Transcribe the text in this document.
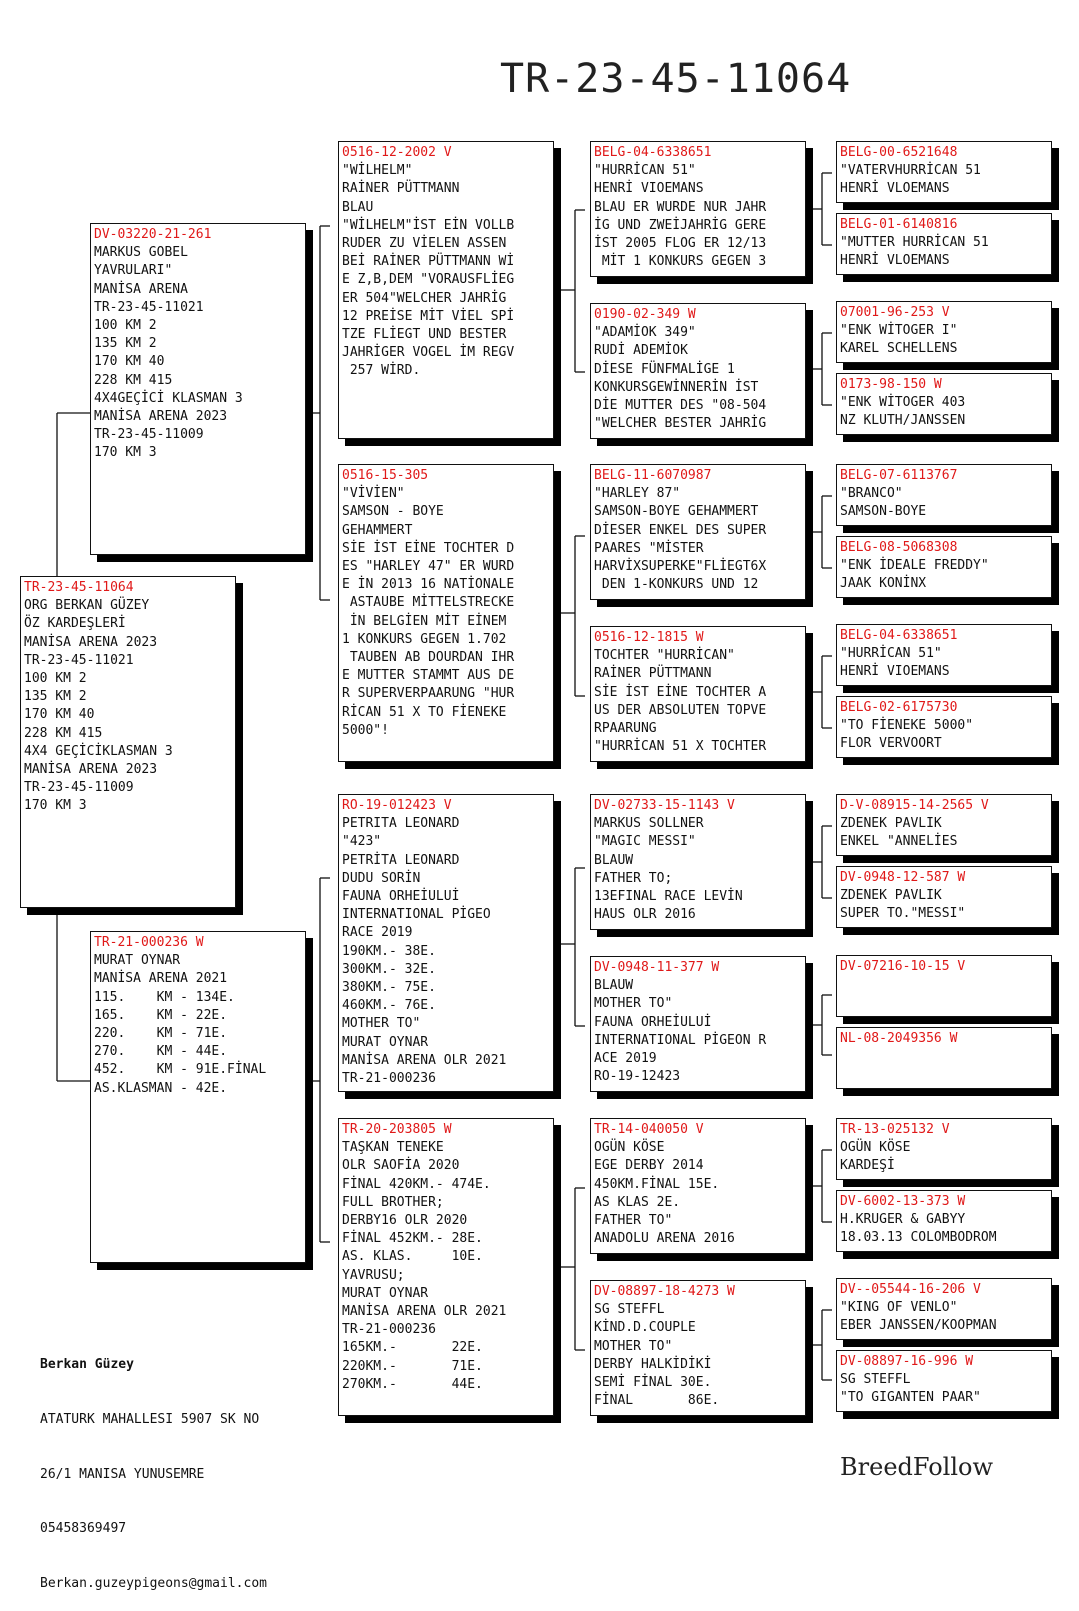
TR-23-45-11064
TR-23-45-11064
ORG BERKAN GÜZEY
ÖZ KARDEŞLERİ
MANİSA ARENA 2023
TR-23-45-11021
100 KM 2
135 KM 2
170 KM 40
228 KM 415
4X4 GEÇİCİKLASMAN 3
MANİSA ARENA 2023
TR-23-45-11009
170 KM 3
DV-03220-21-261
MARKUS GOBEL
YAVRULARI"
MANİSA ARENA
TR-23-45-11021
100 KM 2
135 KM 2
170 KM 40
228 KM 415
4X4GEÇİCİ KLASMAN 3
MANİSA ARENA 2023
TR-23-45-11009
170 KM 3
TR-21-000236 W
MURAT OYNAR
MANİSA ARENA 2021
115.    KM - 134E.
165.    KM - 22E.
220.    KM - 71E.
270.    KM - 44E.
452.    KM - 91E.FİNAL
AS.KLASMAN - 42E.
0516-12-2002 V
"WİLHELM"
RAİNER PÜTTMANN
BLAU
"WİLHELM"İST EİN VOLLB
RUDER ZU VİELEN ASSEN
BEİ RAİNER PÜTTMANN Wİ
E Z,B,DEM "VORAUSFLİEG
ER 504"WELCHER JAHRİG
12 PREİSE MİT VİEL SPİ
TZE FLİEGT UND BESTER
JAHRİGER VOGEL İM REGV
257 WİRD.
0516-15-305
"VİVİEN"
SAMSON - BOYE
GEHAMMERT
SİE İST EİNE TOCHTER D
ES "HARLEY 47" ER WURD
E İN 2013 16 NATİONALE
ASTAUBE MİTTELSTRECKE
İN BELGİEN MİT EİNEM
1 KONKURS GEGEN 1.702
TAUBEN AB DOURDAN IHR
E MUTTER STAMMT AUS DE
R SUPERVERPAARUNG "HUR
RİCAN 51 X TO FİENEKE
5000"!
RO-19-012423 V
PETRITA LEONARD
"423"
PETRİTA LEONARD
DUDU SORİN
FAUNA ORHEİULUİ
INTERNATIONAL PİGEO
RACE 2019
190KM.- 38E.
300KM.- 32E.
380KM.- 75E.
460KM.- 76E.
MOTHER TO"
MURAT OYNAR
MANİSA ARENA OLR 2021
TR-21-000236
TR-20-203805 W
TAŞKAN TENEKE
OLR SAOFİA 2020
FİNAL 420KM.- 474E.
FULL BROTHER;
DERBY16 OLR 2020
FİNAL 452KM.- 28E.
AS. KLAS.     10E.
YAVRUSU;
MURAT OYNAR
MANİSA ARENA OLR 2021
TR-21-000236
165KM.-       22E.
220KM.-       71E.
270KM.-       44E.
BELG-04-6338651
"HURRİCAN 51"
HENRİ VIOEMANS
BLAU ER WURDE NUR JAHR
İG UND ZWEİJAHRİG GERE
İST 2005 FLOG ER 12/13
MİT 1 KONKURS GEGEN 3
0190-02-349 W
"ADAMİOK 349"
RUDİ ADEMİOK
DİESE FÜNFMALİGE 1
KONKURSGEWİNNERİN İST
DİE MUTTER DES "08-504
"WELCHER BESTER JAHRİG
BELG-11-6070987
"HARLEY 87"
SAMSON-BOYE GEHAMMERT
DİESER ENKEL DES SUPER
PAARES "MİSTER
HARVİXSUPERKE"FLİEGT6X
DEN 1-KONKURS UND 12
0516-12-1815 W
TOCHTER "HURRİCAN"
RAİNER PÜTTMANN
SİE İST EİNE TOCHTER A
US DER ABSOLUTEN TOPVE
RPAARUNG
"HURRİCAN 51 X TOCHTER
DV-02733-15-1143 V
MARKUS SOLLNER
"MAGIC MESSI"
BLAUW
FATHER TO;
13EFINAL RACE LEVİN
HAUS OLR 2016
DV-0948-11-377 W
BLAUW
MOTHER TO"
FAUNA ORHEİULUİ
INTERNATIONAL PİGEON R
ACE 2019
RO-19-12423
TR-14-040050 V
OGÜN KÖSE
EGE DERBY 2014
450KM.FİNAL 15E.
AS KLAS 2E.
FATHER TO"
ANADOLU ARENA 2016
DV-08897-18-4273 W
SG STEFFL
KİND.D.COUPLE
MOTHER TO"
DERBY HALKİDİKİ
SEMİ FİNAL 30E.
FİNAL       86E.
BELG-00-6521648
"VATERVHURRİCAN 51
HENRİ VLOEMANS
BELG-01-6140816
"MUTTER HURRİCAN 51
HENRİ VLOEMANS
07001-96-253 V
"ENK WİTOGER I"
KAREL SCHELLENS
0173-98-150 W
"ENK WİTOGER 403
NZ KLUTH/JANSSEN
BELG-07-6113767
"BRANCO"
SAMSON-BOYE
BELG-08-5068308
"ENK İDEALE FREDDY"
JAAK KONİNX
BELG-04-6338651
"HURRİCAN 51"
HENRİ VIOEMANS
BELG-02-6175730
"TO FİENEKE 5000"
FLOR VERVOORT
D-V-08915-14-2565 V
ZDENEK PAVLIK
ENKEL "ANNELİES
DV-0948-12-587 W
ZDENEK PAVLIK
SUPER TO."MESSI"
DV-07216-10-15 V
NL-08-2049356 W
TR-13-025132 V
OGÜN KÖSE
KARDEŞİ
DV-6002-13-373 W
H.KRUGER & GABYY
18.03.13 COLOMBODROM
DV--05544-16-206 V
"KING OF VENLO"
EBER JANSSEN/KOOPMAN
DV-08897-16-996 W
SG STEFFL
"TO GIGANTEN PAAR"

Berkan Güzey

ATATURK MAHALLESI 5907 SK NO

26/1 MANISA YUNUSEMRE

05458369497

Berkan.guzeypigeons@gmail.com

BreedFollow
